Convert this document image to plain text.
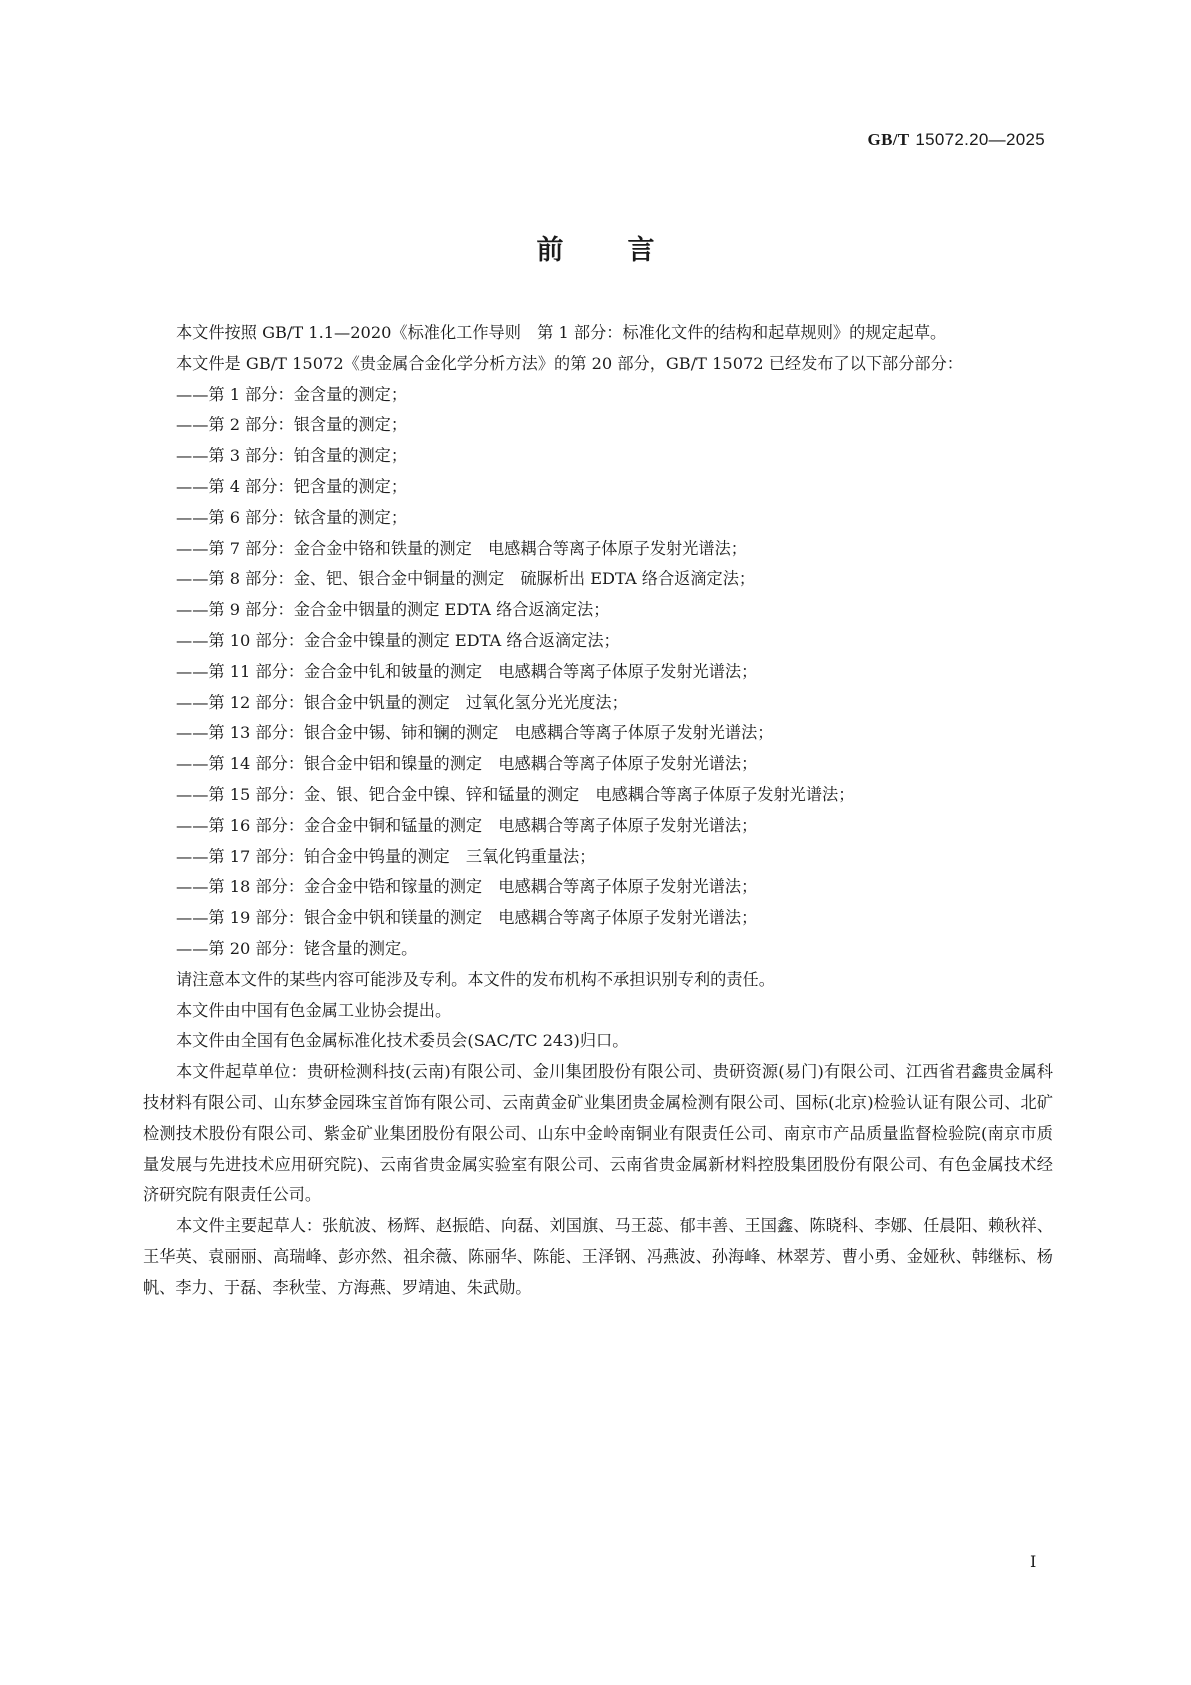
GB/T 15072.20—2025
前 言

本文件按照 GB/T 1.1—2020《标准化工作导则　第 1 部分：标准化文件的结构和起草规则》的规定起草。

本文件是 GB/T 15072《贵金属合金化学分析方法》的第 20 部分，GB/T 15072 已经发布了以下部分部分：

——第 1 部分：金含量的测定；

——第 2 部分：银含量的测定；

——第 3 部分：铂含量的测定；

——第 4 部分：钯含量的测定；

——第 6 部分：铱含量的测定；

——第 7 部分：金合金中铬和铁量的测定　电感耦合等离子体原子发射光谱法；

——第 8 部分：金、钯、银合金中铜量的测定　硫脲析出 EDTA 络合返滴定法；

——第 9 部分：金合金中铟量的测定 EDTA 络合返滴定法；

——第 10 部分：金合金中镍量的测定 EDTA 络合返滴定法；

——第 11 部分：金合金中钆和铍量的测定　电感耦合等离子体原子发射光谱法；

——第 12 部分：银合金中钒量的测定　过氧化氢分光光度法；

——第 13 部分：银合金中锡、铈和镧的测定　电感耦合等离子体原子发射光谱法；

——第 14 部分：银合金中铝和镍量的测定　电感耦合等离子体原子发射光谱法；

——第 15 部分：金、银、钯合金中镍、锌和锰量的测定　电感耦合等离子体原子发射光谱法；

——第 16 部分：金合金中铜和锰量的测定　电感耦合等离子体原子发射光谱法；

——第 17 部分：铂合金中钨量的测定　三氧化钨重量法；

——第 18 部分：金合金中锆和镓量的测定　电感耦合等离子体原子发射光谱法；

——第 19 部分：银合金中钒和镁量的测定　电感耦合等离子体原子发射光谱法；

——第 20 部分：铑含量的测定。

请注意本文件的某些内容可能涉及专利。本文件的发布机构不承担识别专利的责任。

本文件由中国有色金属工业协会提出。

本文件由全国有色金属标准化技术委员会(SAC/TC 243)归口。

本文件起草单位：贵研检测科技(云南)有限公司、金川集团股份有限公司、贵研资源(易门)有限公司、江西省君鑫贵金属科技材料有限公司、山东梦金园珠宝首饰有限公司、云南黄金矿业集团贵金属检测有限公司、国标(北京)检验认证有限公司、北矿检测技术股份有限公司、紫金矿业集团股份有限公司、山东中金岭南铜业有限责任公司、南京市产品质量监督检验院(南京市质量发展与先进技术应用研究院)、云南省贵金属实验室有限公司、云南省贵金属新材料控股集团股份有限公司、有色金属技术经济研究院有限责任公司。

本文件主要起草人：张航波、杨辉、赵振皓、向磊、刘国旗、马王蕊、郁丰善、王国鑫、陈晓科、李娜、任晨阳、赖秋祥、王华英、袁丽丽、高瑞峰、彭亦然、祖余薇、陈丽华、陈能、王泽钢、冯燕波、孙海峰、林翠芳、曹小勇、金娅秋、韩继标、杨帆、李力、于磊、李秋莹、方海燕、罗靖迪、朱武勋。

I
